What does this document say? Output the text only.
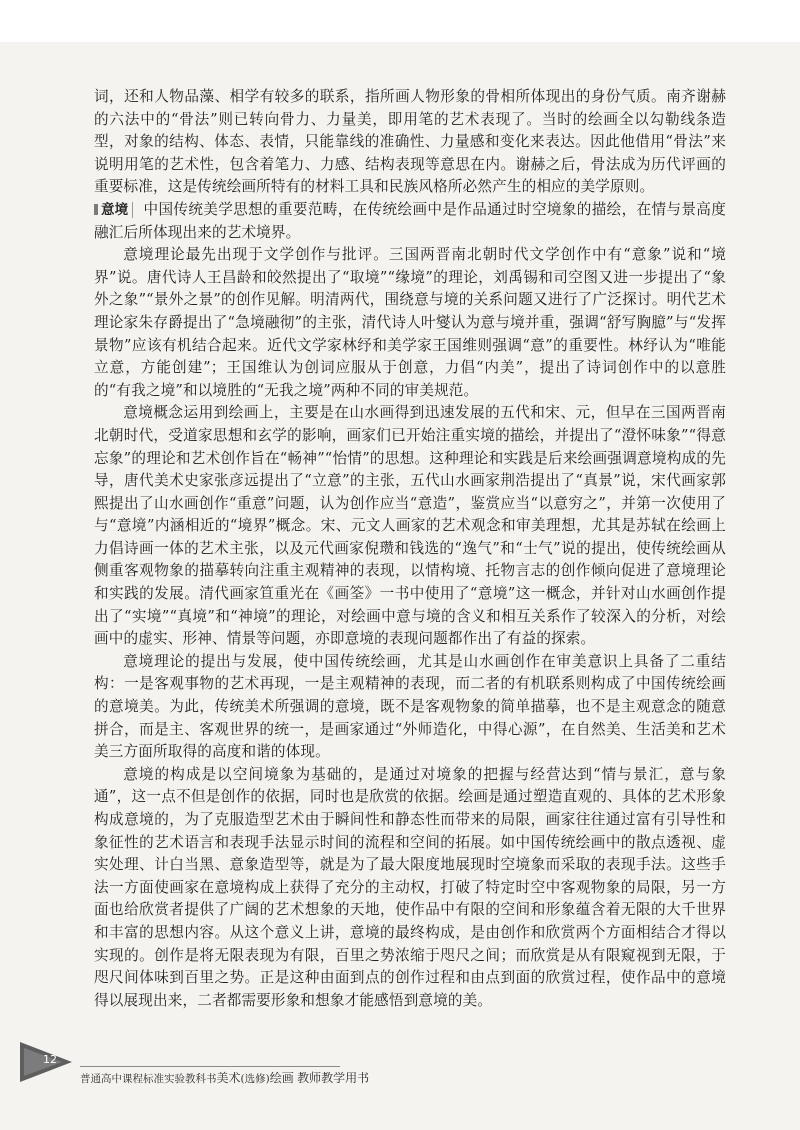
词，还和人物品藻、相学有较多的联系，指所画人物形象的骨相所体现出的身份气质。南齐谢赫的六法中的“骨法”则已转向骨力、力量美，即用笔的艺术表现了。当时的绘画全以勾勒线条造型，对象的结构、体态、表情，只能靠线的准确性、力量感和变化来表达。因此他借用“骨法”来说明用笔的艺术性，包含着笔力、力感、结构表现等意思在内。谢赫之后，骨法成为历代评画的重要标准，这是传统绘画所特有的材料工具和民族风格所必然产生的相应的美学原则。

意境 中国传统美学思想的重要范畴，在传统绘画中是作品通过时空境象的描绘，在情与景高度融汇后所体现出来的艺术境界。

意境理论最先出现于文学创作与批评。三国两晋南北朝时代文学创作中有“意象”说和“境界”说。唐代诗人王昌龄和皎然提出了“取境”“缘境”的理论，刘禹锡和司空图又进一步提出了“象外之象”“景外之景”的创作见解。明清两代，围绕意与境的关系问题又进行了广泛探讨。明代艺术理论家朱存爵提出了“急境融彻”的主张，清代诗人叶燮认为意与境并重，强调“舒写胸臆”与“发挥景物”应该有机结合起来。近代文学家林纾和美学家王国维则强调“意”的重要性。林纾认为“唯能立意，方能创建”；王国维认为创词应服从于创意，力倡“内美”，提出了诗词创作中的以意胜的“有我之境”和以境胜的“无我之境”两种不同的审美规范。

意境概念运用到绘画上，主要是在山水画得到迅速发展的五代和宋、元，但早在三国两晋南北朝时代，受道家思想和玄学的影响，画家们已开始注重实境的描绘，并提出了“澄怀味象”“得意忘象”的理论和艺术创作旨在“畅神”“怡情”的思想。这种理论和实践是后来绘画强调意境构成的先导，唐代美术史家张彦远提出了“立意”的主张，五代山水画家荆浩提出了“真景”说，宋代画家郭熙提出了山水画创作“重意”问题，认为创作应当“意造”，鉴赏应当“以意穷之”，并第一次使用了与“意境”内涵相近的“境界”概念。宋、元文人画家的艺术观念和审美理想，尤其是苏轼在绘画上力倡诗画一体的艺术主张，以及元代画家倪瓒和钱选的“逸气”和“士气”说的提出，使传统绘画从侧重客观物象的描摹转向注重主观精神的表现，以情构境、托物言志的创作倾向促进了意境理论和实践的发展。清代画家笪重光在《画筌》一书中使用了“意境”这一概念，并针对山水画创作提出了“实境”“真境”和“神境”的理论，对绘画中意与境的含义和相互关系作了较深入的分析，对绘画中的虚实、形神、情景等问题，亦即意境的表现问题都作出了有益的探索。

意境理论的提出与发展，使中国传统绘画，尤其是山水画创作在审美意识上具备了二重结构：一是客观事物的艺术再现，一是主观精神的表现，而二者的有机联系则构成了中国传统绘画的意境美。为此，传统美术所强调的意境，既不是客观物象的简单描摹，也不是主观意念的随意拼合，而是主、客观世界的统一，是画家通过“外师造化，中得心源”，在自然美、生活美和艺术美三方面所取得的高度和谐的体现。

意境的构成是以空间境象为基础的，是通过对境象的把握与经营达到“情与景汇，意与象通”，这一点不但是创作的依据，同时也是欣赏的依据。绘画是通过塑造直观的、具体的艺术形象构成意境的，为了克服造型艺术由于瞬间性和静态性而带来的局限，画家往往通过富有引导性和象征性的艺术语言和表现手法显示时间的流程和空间的拓展。如中国传统绘画中的散点透视、虚实处理、计白当黑、意象造型等，就是为了最大限度地展现时空境象而采取的表现手法。这些手法一方面使画家在意境构成上获得了充分的主动权，打破了特定时空中客观物象的局限，另一方面也给欣赏者提供了广阔的艺术想象的天地，使作品中有限的空间和形象蕴含着无限的大千世界和丰富的思想内容。从这个意义上讲，意境的最终构成，是由创作和欣赏两个方面相结合才得以实现的。创作是将无限表现为有限，百里之势浓缩于咫尺之间；而欣赏是从有限窥视到无限，于咫尺间体味到百里之势。正是这种由面到点的创作过程和由点到面的欣赏过程，使作品中的意境得以展现出来，二者都需要形象和想象才能感悟到意境的美。

12
普通高中课程标准实验教科书美术(选修)绘画 教师教学用书
